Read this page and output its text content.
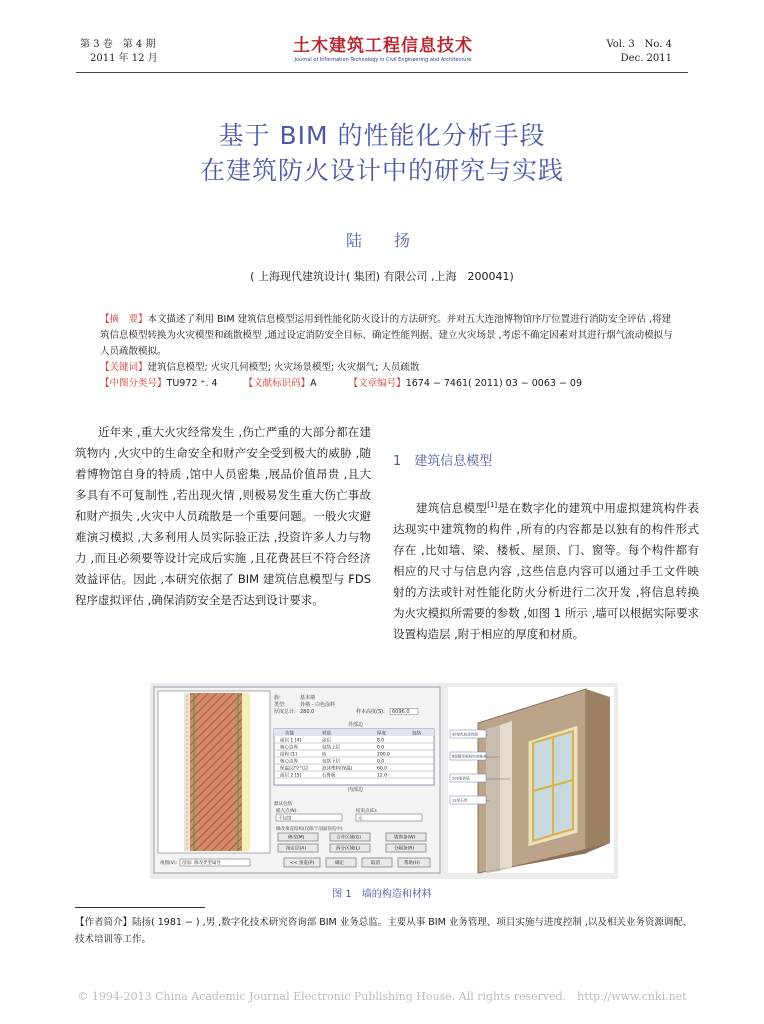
第 3 卷　第 4 期
2011 年 12 月
土木建筑工程信息技术
Journal of Information Technology in Civil Engineering and Architecture
Vol. 3　No. 4
Dec. 2011
基于 BIM 的性能化分析手段
在建筑防火设计中的研究与实践
陆　扬
( 上海现代建筑设计( 集团) 有限公司 ,上海　200041)
【摘　要】本文描述了利用 BIM 建筑信息模型运用到性能化防火设计的方法研究。并对五大连池博物馆序厅位置进行消防安全评估 ,将建筑信息模型转换为火灾模型和疏散模型 ,通过设定消防安全目标、确定性能判据、建立火灾场景 ,考虑不确定因素对其进行烟气流动模拟与人员疏散模拟。
【关键词】建筑信息模型; 火灾几何模型; 火灾场景模型; 火灾烟气; 人员疏散
【中图分类号】TU972 ⁺. 4	【文献标识码】A	【文章编号】1674 − 7461( 2011) 03 − 0063 − 09
近年来 ,重大火灾经常发生 ,伤亡严重的大部分都在建筑物内 ,火灾中的生命安全和财产安全受到极大的威胁 ,随着博物馆自身的特质 ,馆中人员密集 ,展品价值昂贵 ,且大多具有不可复制性 ,若出现火情 ,则极易发生重大伤亡事故和财产损失 ,火灾中人员疏散是一个重要问题。一般火灾避难演习模拟 ,大多利用人员实际验正法 ,投资许多人力与物力 ,而且必须要等设计完成后实施 ,且花费甚巨不符合经济效益评估。因此 ,本研究依据了 BIM 建筑信息模型与 FDS 程序虚拟评估 ,确保消防安全是否达到设计要求。
1　建筑信息模型
建筑信息模型[1]是在数字化的建筑中用虚拟建筑构件表达现实中建筑物的构件 ,所有的内容都是以独有的构件形式存在 ,比如墙、梁、楼板、屋顶、门、窗等。每个构件都有相应的尺寸与信息内容 ,这些信息内容可以通过手工文件映射的方法或针对性能化防火分析进行二次开发 ,将信息转换为火灾模拟所需要的参数 ,如图 1 所示 ,墙可以根据实际要求设置构造层 ,附于相应的厚度和材质。
族:	基本墙
类型:	外墙 - 白色涂料
厚度总计: 280.0	样本高度(S): 6096.0
外部边
功能	材质	厚度	包络
面层 1 [4]	涂层	8.0
核心边界	包络上层	0.0
结构 [1]	砖	200.0
核心边界	包络下层	0.0
保温层/空气层	泡沫塑料(保温)	60.0
面层 2 [5]	石膏板	12.0
内部边
默认包络
插入点(N):
不包络
结束点(E):
无
修改垂直结构(仅限于剖面预览中)
修改(M)	合并区域(G)	墙饰条(W)
指定层(A)	拆分区域(L)	分隔条(R)
视图(V): 剖面: 修改类型属性	<< 预览(P)	确定	取消	帮助(H)
30厚乳胶漆饰面
8厚聚苯板粘结剂抹灰
200厚砖墙
12厚石膏
图 1　墙的构造和材料
【作者简介】陆扬( 1981 − ) ,男 ,数字化技术研究咨询部 BIM 业务总监。主要从事 BIM 业务管理、项目实施与进度控制 ,以及相关业务资源调配、技术培训等工作。
© 1994-2013 China Academic Journal Electronic Publishing House. All rights reserved.　http://www.cnki.net
